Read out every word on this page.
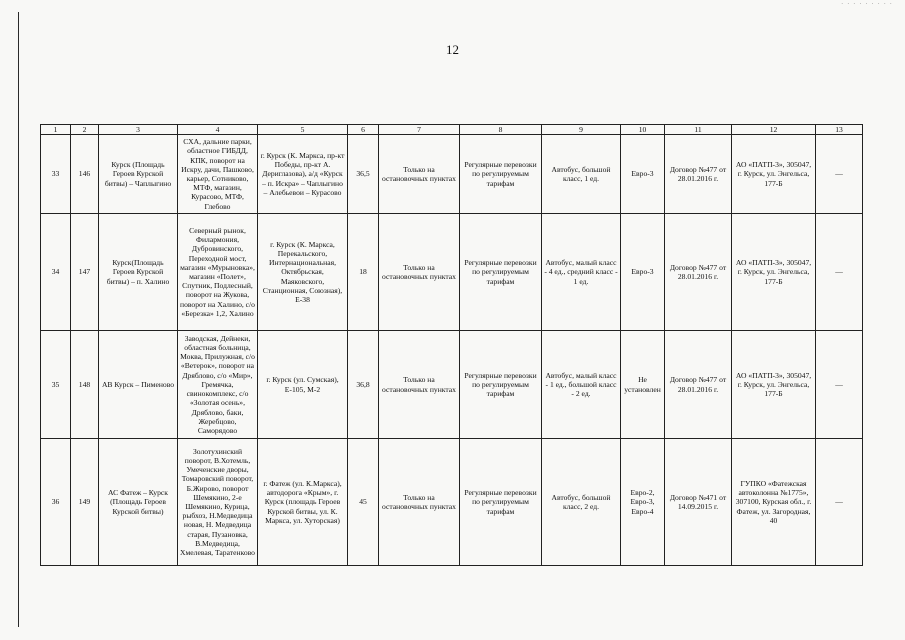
· · · · · · · · ·
12
1	2	3	4	5	6	7	8	9	10	11	12	13
33	146	Курск (Площадь Героев Курской битвы) – Чаплыгино	СХА, дальние парки, областное ГИБДД, КПК, поворот на Искру, дачи, Пашково, карьер, Сотниково, МТФ, магазин, Курасово, МТФ, Глебово	г. Курск (К. Маркса, пр-кт Победы, пр-кт А. Дериглазова), а/д «Курск – п. Искра» – Чаплыгино – Алебьевои – Курасово	36,5	Только на остановочных пунктах	Регулярные перевозки по регулируемым тарифам	Автобус, большой класс, 1 ед.	Евро-3	Договор №477 от 28.01.2016 г.	АО «ПАТП-3», 305047, г. Курск, ул. Энгельса, 177-Б	—
34	147	Курск(Площадь Героев Курской битвы) – п. Халино	Северный рынок, Филармония, Дубровинского, Переходной мост, магазин «Мурыновка», магазин «Полет», Спутник, Подлесный, поворот на Жукова, поворот на Халино, с/о «Березка» 1,2, Халино	г. Курск (К. Маркса, Перекальского, Интернациональная, Октябрьская, Маяковского, Станционная, Союзная), Е-38	18	Только на остановочных пунктах	Регулярные перевозки по регулируемым тарифам	Автобус, малый класс - 4 ед., средний класс - 1 ед.	Евро-3	Договор №477 от 28.01.2016 г.	АО «ПАТП-3», 305047, г. Курск, ул. Энгельса, 177-Б	—
35	148	АВ Курск – Пименово	Заводская, Дейнеки, областная больница, Моква, Прилужная, с/о «Ветерок», поворот на Дрябловo, с/о «Мир», Гремячка, свинокомплекс, с/о «Золотая осень», Дряблово, баки, Жеребцово, Саморядово	г. Курск (ул. Сумская), Е-105, М-2	36,8	Только на остановочных пунктах	Регулярные перевозки по регулируемым тарифам	Автобус, малый класс - 1 ед., большой класс - 2 ед.	Не установлен	Договор №477 от 28.01.2016 г.	АО «ПАТП-3», 305047, г. Курск, ул. Энгельса, 177-Б	—
36	149	АС Фатеж – Курск (Площадь Героев Курской битвы)	Золотухинский поворот, В.Хотемль, Умеченские дворы, Томаровский поворот, Б.Жирово, поворот Шемякино, 2-е Шемякино, Курица, рыбхоз, Н.Медведица новая, Н. Медведица старая, Пузановка, В.Медведица, Хмелевая, Таратенково	г. Фатеж (ул. К.Маркса), автодорога «Крым», г. Курск (площадь Героев Курской битвы, ул. К. Маркса, ул. Хуторская)	45	Только на остановочных пунктах	Регулярные перевозки по регулируемым тарифам	Автобус, большой класс, 2 ед.	Евро-2, Евро-3, Евро-4	Договор №471 от 14.09.2015 г.	ГУПКО «Фатежская автоколонна №1775», 307100, Курская обл., г. Фатеж, ул. Загородная, 40	—
